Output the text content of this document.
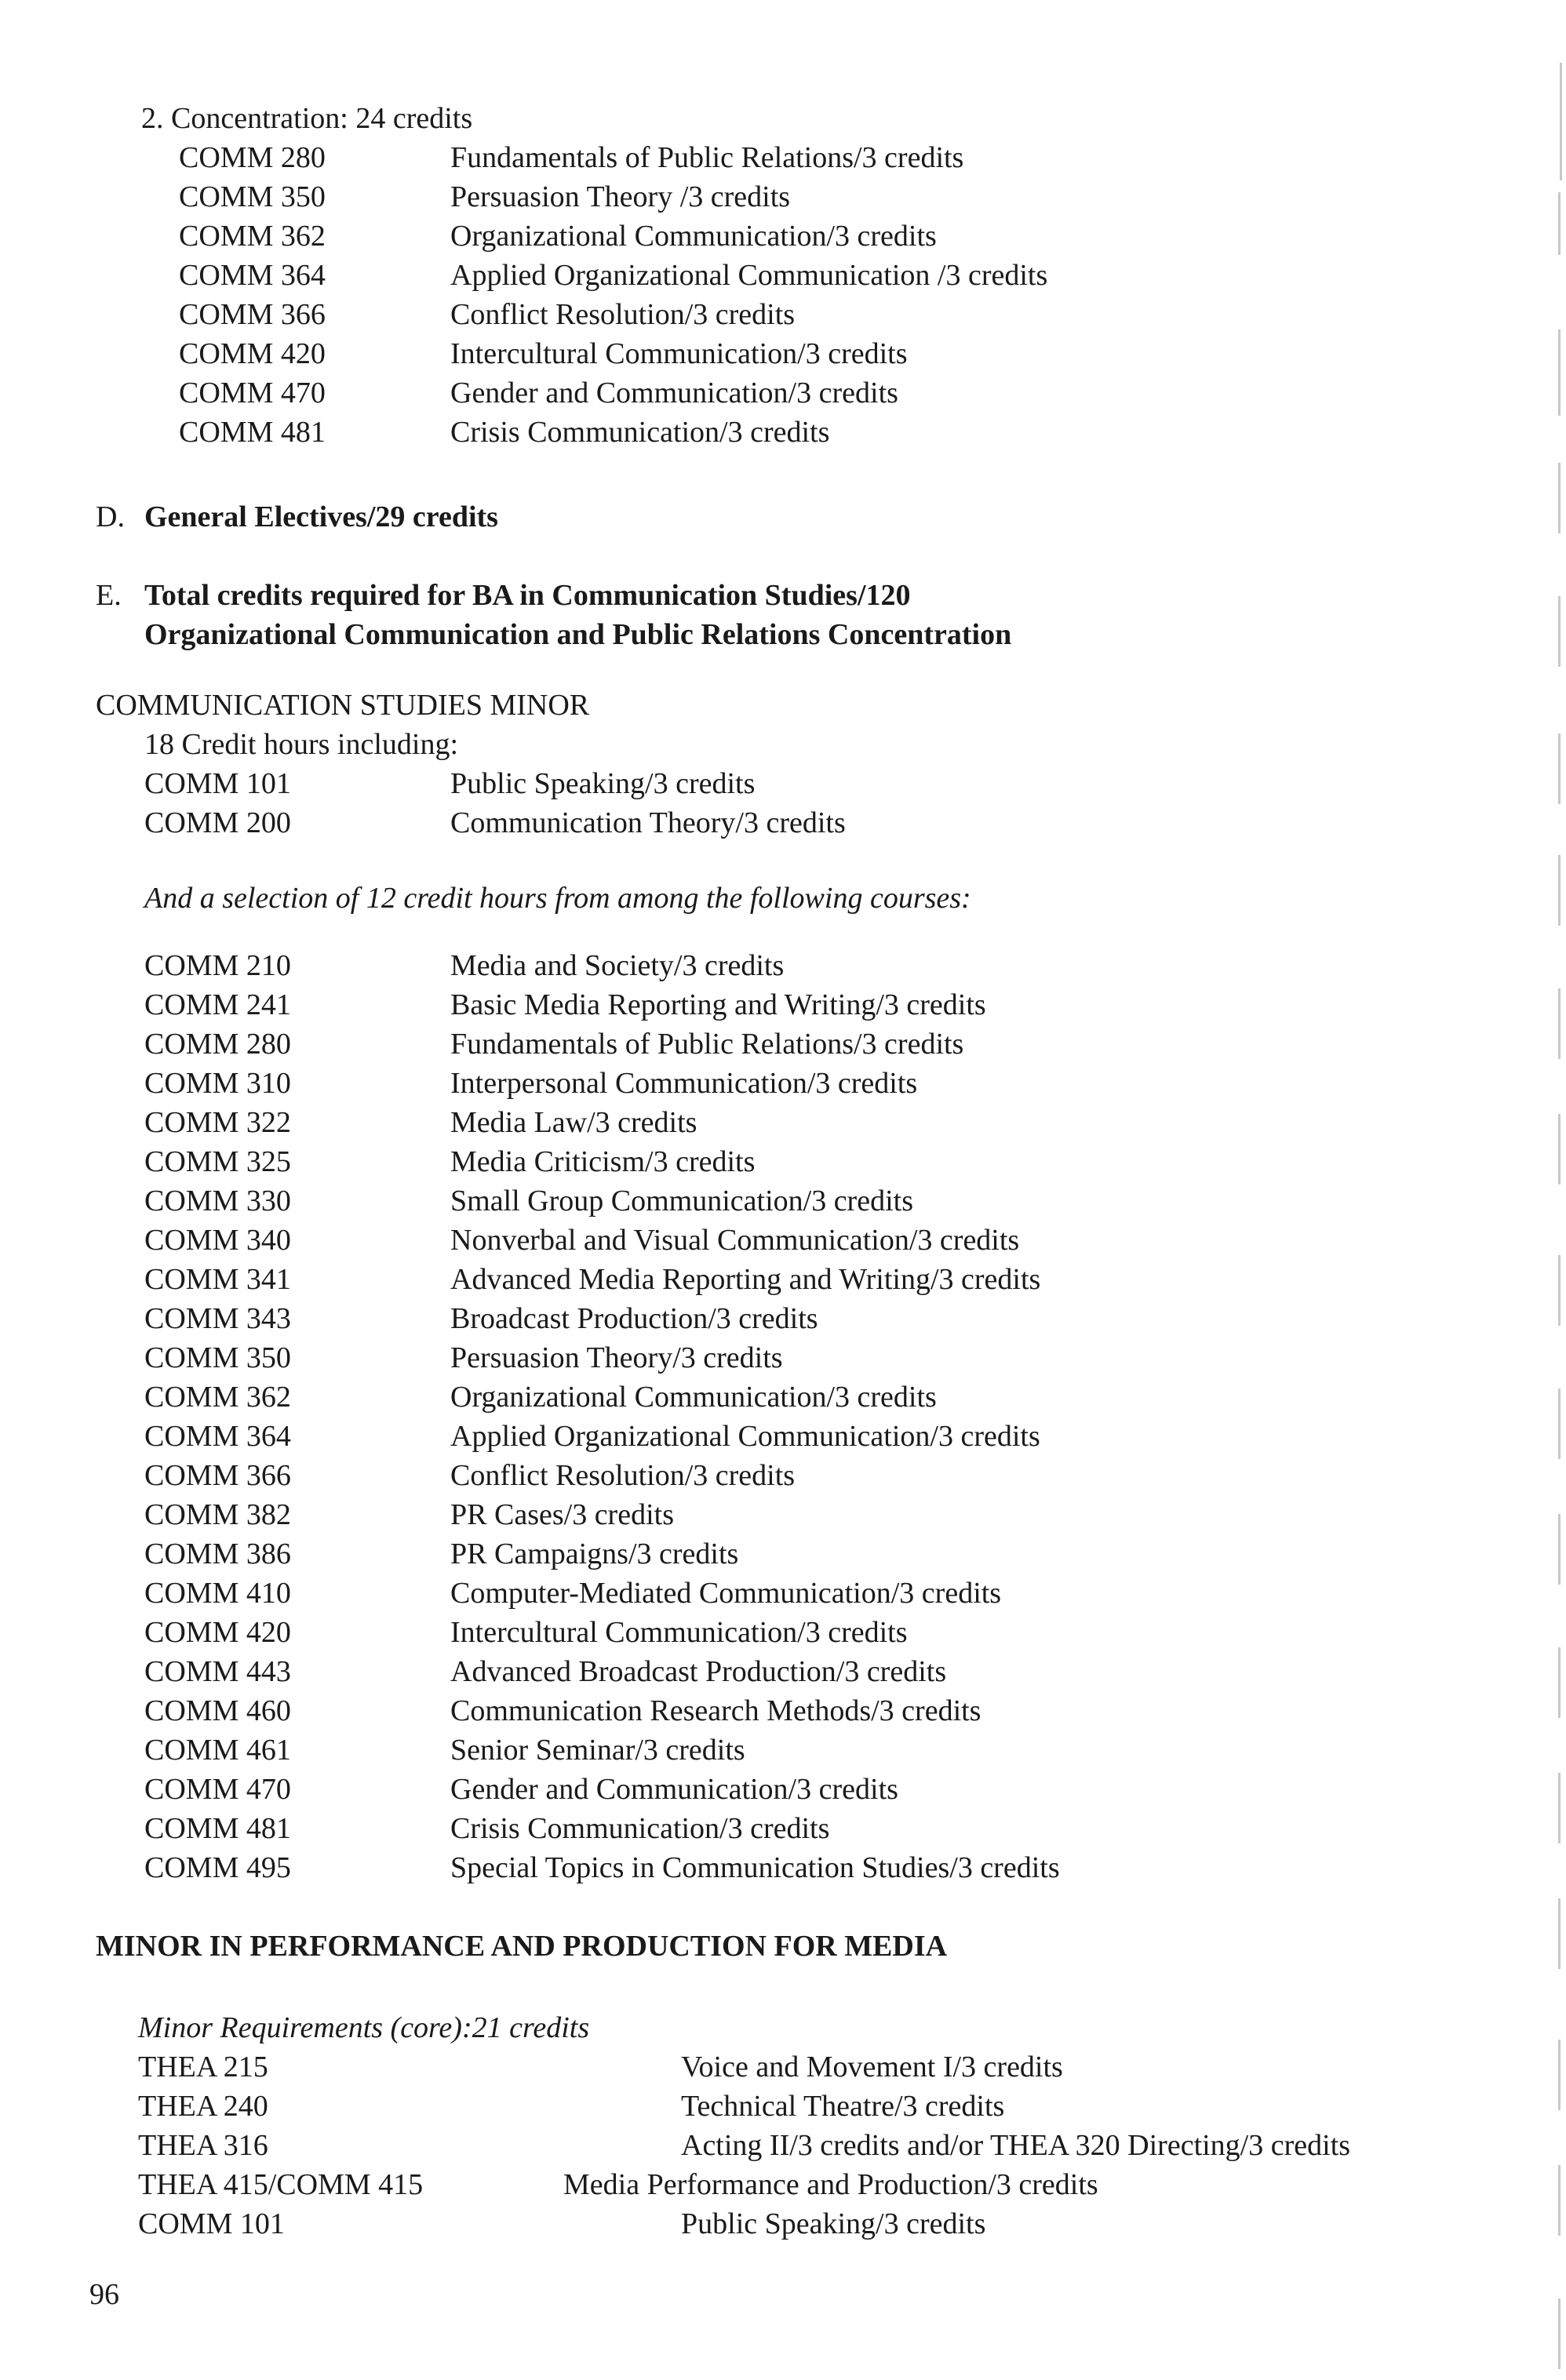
2. Concentration: 24 credits
COMM 280	Fundamentals of Public Relations/3 credits
COMM 350	Persuasion Theory /3 credits
COMM 362	Organizational Communication/3 credits
COMM 364	Applied Organizational Communication /3 credits
COMM 366	Conflict Resolution/3 credits
COMM 420	Intercultural Communication/3 credits
COMM 470	Gender and Communication/3 credits
COMM 481	Crisis Communication/3 credits
D. General Electives/29 credits
E. Total credits required for BA in Communication Studies/120
Organizational Communication and Public Relations Concentration
COMMUNICATION STUDIES MINOR
18 Credit hours including:
COMM 101	Public Speaking/3 credits
COMM 200	Communication Theory/3 credits
And a selection of 12 credit hours from among the following courses:
COMM 210	Media and Society/3 credits
COMM 241	Basic Media Reporting and Writing/3 credits
COMM 280	Fundamentals of Public Relations/3 credits
COMM 310	Interpersonal Communication/3 credits
COMM 322	Media Law/3 credits
COMM 325	Media Criticism/3 credits
COMM 330	Small Group Communication/3 credits
COMM 340	Nonverbal and Visual Communication/3 credits
COMM 341	Advanced Media Reporting and Writing/3 credits
COMM 343	Broadcast Production/3 credits
COMM 350	Persuasion Theory/3 credits
COMM 362	Organizational Communication/3 credits
COMM 364	Applied Organizational Communication/3 credits
COMM 366	Conflict Resolution/3 credits
COMM 382	PR Cases/3 credits
COMM 386	PR Campaigns/3 credits
COMM 410	Computer-Mediated Communication/3 credits
COMM 420	Intercultural Communication/3 credits
COMM 443	Advanced Broadcast Production/3 credits
COMM 460	Communication Research Methods/3 credits
COMM 461	Senior Seminar/3 credits
COMM 470	Gender and Communication/3 credits
COMM 481	Crisis Communication/3 credits
COMM 495	Special Topics in Communication Studies/3 credits
MINOR IN PERFORMANCE AND PRODUCTION FOR MEDIA
Minor Requirements (core):21 credits
THEA 215	Voice and Movement I/3 credits
THEA 240	Technical Theatre/3 credits
THEA 316	Acting II/3 credits and/or THEA 320 Directing/3 credits
THEA 415/COMM 415	Media Performance and Production/3 credits
COMM 101	Public Speaking/3 credits
96
